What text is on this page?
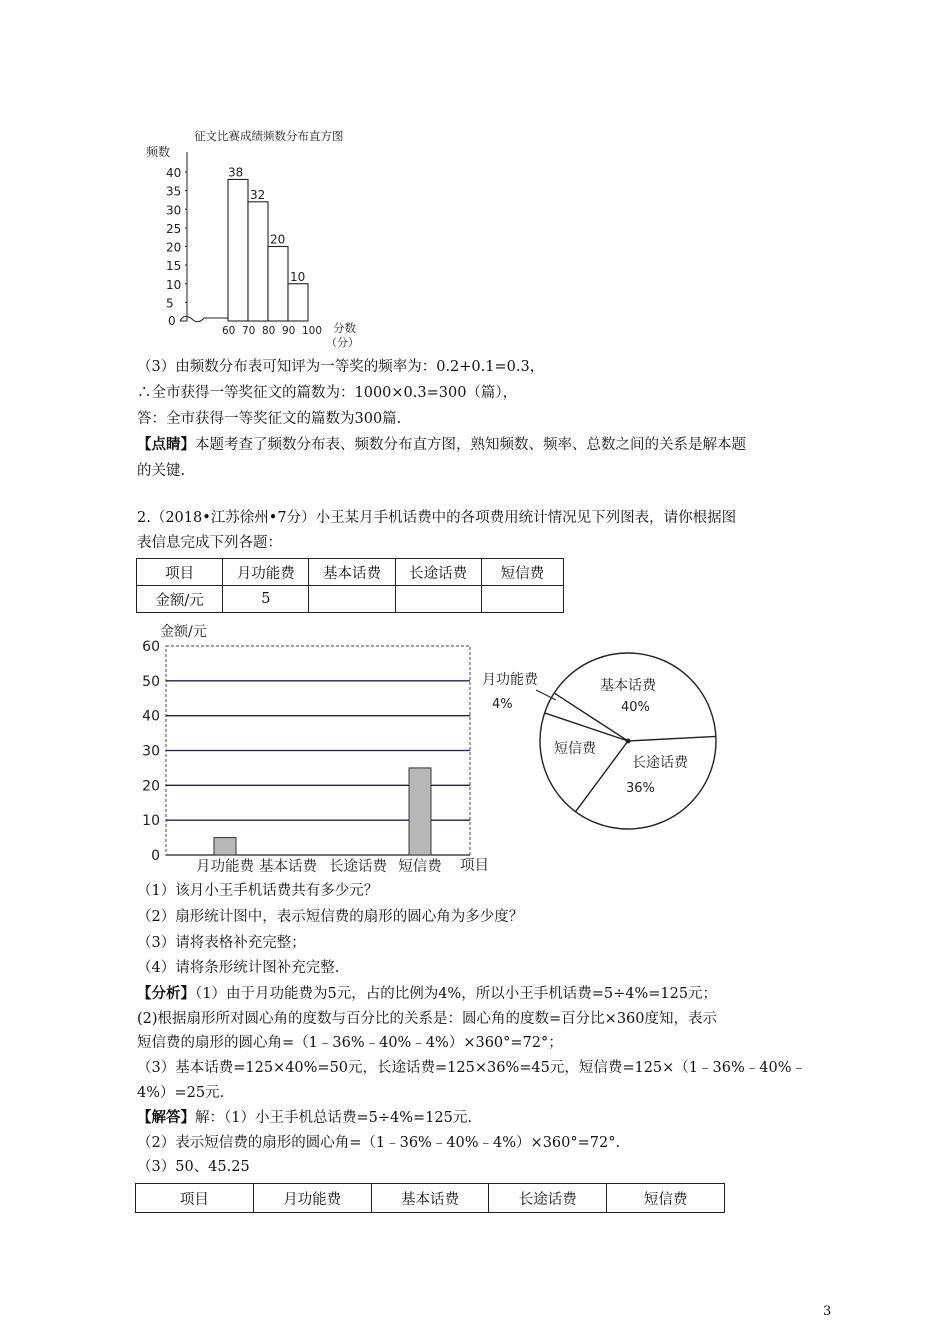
征文比赛成绩频数分布直方图
频数
40
35
30
25
20
15
10
5
0
38
32
20
10
60 70 80 90 100 分数
（分）
（3）由频数分布表可知评为一等奖的频率为：0.2+0.1=0.3，
∴全市获得一等奖征文的篇数为：1000×0.3=300（篇），
答：全市获得一等奖征文的篇数为300篇.
【点睛】本题考查了频数分布表、频数分布直方图，熟知频数、频率、总数之间的关系是解本题
的关键.
2.（2018•江苏徐州•7分）小王某月手机话费中的各项费用统计情况见下列图表，请你根据图
表信息完成下列各题：
项目	月功能费	基本话费	长途话费	短信费
金额/元	5			
金额/元
60
50
40
30
20
10
0
月功能费 基本话费 长途话费 短信费 项目
基本话费
40%
长途话费
36%
短信费
月功能费
4%
（1）该月小王手机话费共有多少元？
（2）扇形统计图中，表示短信费的扇形的圆心角为多少度？
（3）请将表格补充完整；
（4）请将条形统计图补充完整.
【分析】（1）由于月功能费为5元，占的比例为4%，所以小王手机话费=5÷4%=125元；
(2)根据扇形所对圆心角的度数与百分比的关系是：圆心角的度数=百分比×360度知，表示
短信费的扇形的圆心角=（1﹣36%﹣40%﹣4%）×360°=72°；
（3）基本话费=125×40%=50元，长途话费=125×36%=45元，短信费=125×（1﹣36%﹣40%﹣
4%）=25元.
【解答】解：（1）小王手机总话费=5÷4%=125元.
（2）表示短信费的扇形的圆心角=（1﹣36%﹣40%﹣4%）×360°=72°.
（3）50、45.25
项目	月功能费	基本话费	长途话费	短信费
3
